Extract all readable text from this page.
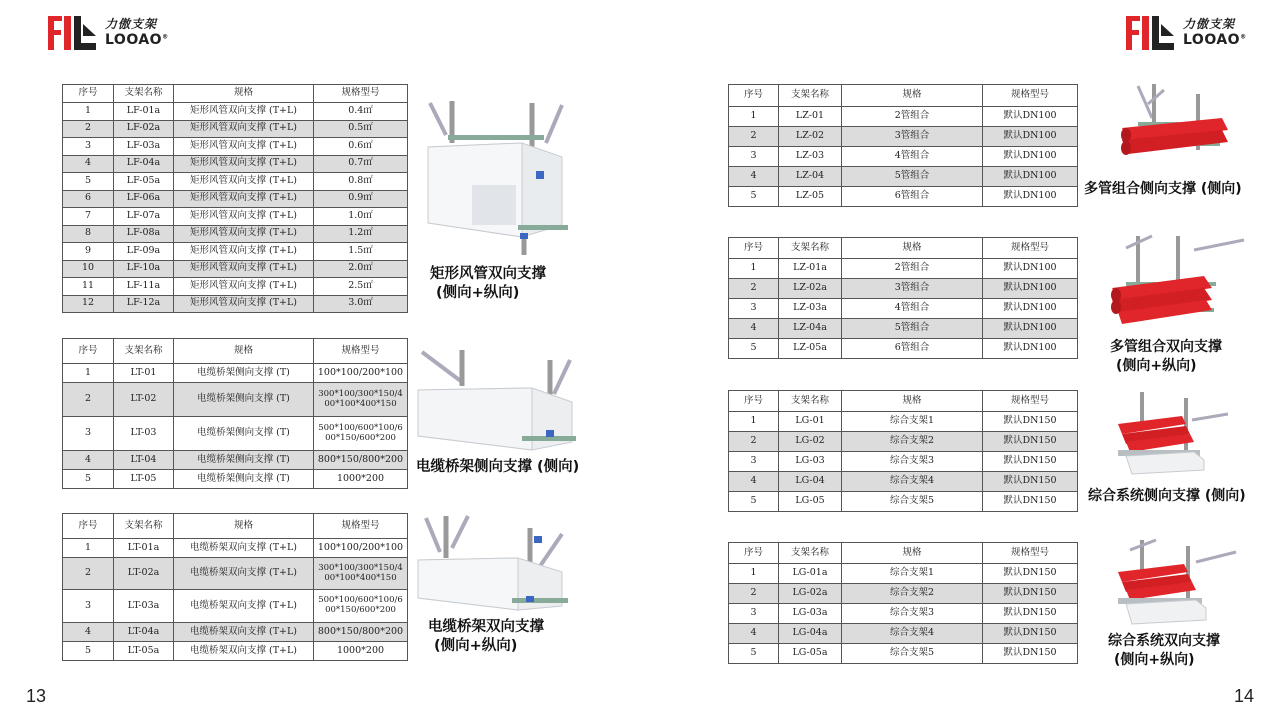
力傲支架
LOOAO®
力傲支架
LOOAO®
序号	支架名称	规格	规格型号
1	LF-01a	矩形风管双向支撑 (T+L)	0.4㎡
2	LF-02a	矩形风管双向支撑 (T+L)	0.5㎡
3	LF-03a	矩形风管双向支撑 (T+L)	0.6㎡
4	LF-04a	矩形风管双向支撑 (T+L)	0.7㎡
5	LF-05a	矩形风管双向支撑 (T+L)	0.8㎡
6	LF-06a	矩形风管双向支撑 (T+L)	0.9㎡
7	LF-07a	矩形风管双向支撑 (T+L)	1.0㎡
8	LF-08a	矩形风管双向支撑 (T+L)	1.2㎡
9	LF-09a	矩形风管双向支撑 (T+L)	1.5㎡
10	LF-10a	矩形风管双向支撑 (T+L)	2.0㎡
11	LF-11a	矩形风管双向支撑 (T+L)	2.5㎡
12	LF-12a	矩形风管双向支撑 (T+L)	3.0㎡
序号	支架名称	规格	规格型号
1	LT-01	电缆桥架侧向支撑 (T)	100*100/200*100
2	LT-02	电缆桥架侧向支撑 (T)	300*100/300*150/4
00*100*400*150
3	LT-03	电缆桥架侧向支撑 (T)	500*100/600*100/6
00*150/600*200
4	LT-04	电缆桥架侧向支撑 (T)	800*150/800*200
5	LT-05	电缆桥架侧向支撑 (T)	1000*200
序号	支架名称	规格	规格型号
1	LT-01a	电缆桥架双向支撑 (T+L)	100*100/200*100
2	LT-02a	电缆桥架双向支撑 (T+L)	300*100/300*150/4
00*100*400*150
3	LT-03a	电缆桥架双向支撑 (T+L)	500*100/600*100/6
00*150/600*200
4	LT-04a	电缆桥架双向支撑 (T+L)	800*150/800*200
5	LT-05a	电缆桥架双向支撑 (T+L)	1000*200
序号	支架名称	规格	规格型号
1	LZ-01	2管组合	默认DN100
2	LZ-02	3管组合	默认DN100
3	LZ-03	4管组合	默认DN100
4	LZ-04	5管组合	默认DN100
5	LZ-05	6管组合	默认DN100
序号	支架名称	规格	规格型号
1	LZ-01a	2管组合	默认DN100
2	LZ-02a	3管组合	默认DN100
3	LZ-03a	4管组合	默认DN100
4	LZ-04a	5管组合	默认DN100
5	LZ-05a	6管组合	默认DN100
序号	支架名称	规格	规格型号
1	LG-01	综合支架1	默认DN150
2	LG-02	综合支架2	默认DN150
3	LG-03	综合支架3	默认DN150
4	LG-04	综合支架4	默认DN150
5	LG-05	综合支架5	默认DN150
序号	支架名称	规格	规格型号
1	LG-01a	综合支架1	默认DN150
2	LG-02a	综合支架2	默认DN150
3	LG-03a	综合支架3	默认DN150
4	LG-04a	综合支架4	默认DN150
5	LG-05a	综合支架5	默认DN150
矩形风管双向支撑
(侧向+纵向)
电缆桥架侧向支撑 (侧向)
电缆桥架双向支撑
(侧向+纵向)
多管组合侧向支撑 (侧向)
多管组合双向支撑
(侧向+纵向)
综合系统侧向支撑 (侧向)
综合系统双向支撑
(侧向+纵向)
13	14
